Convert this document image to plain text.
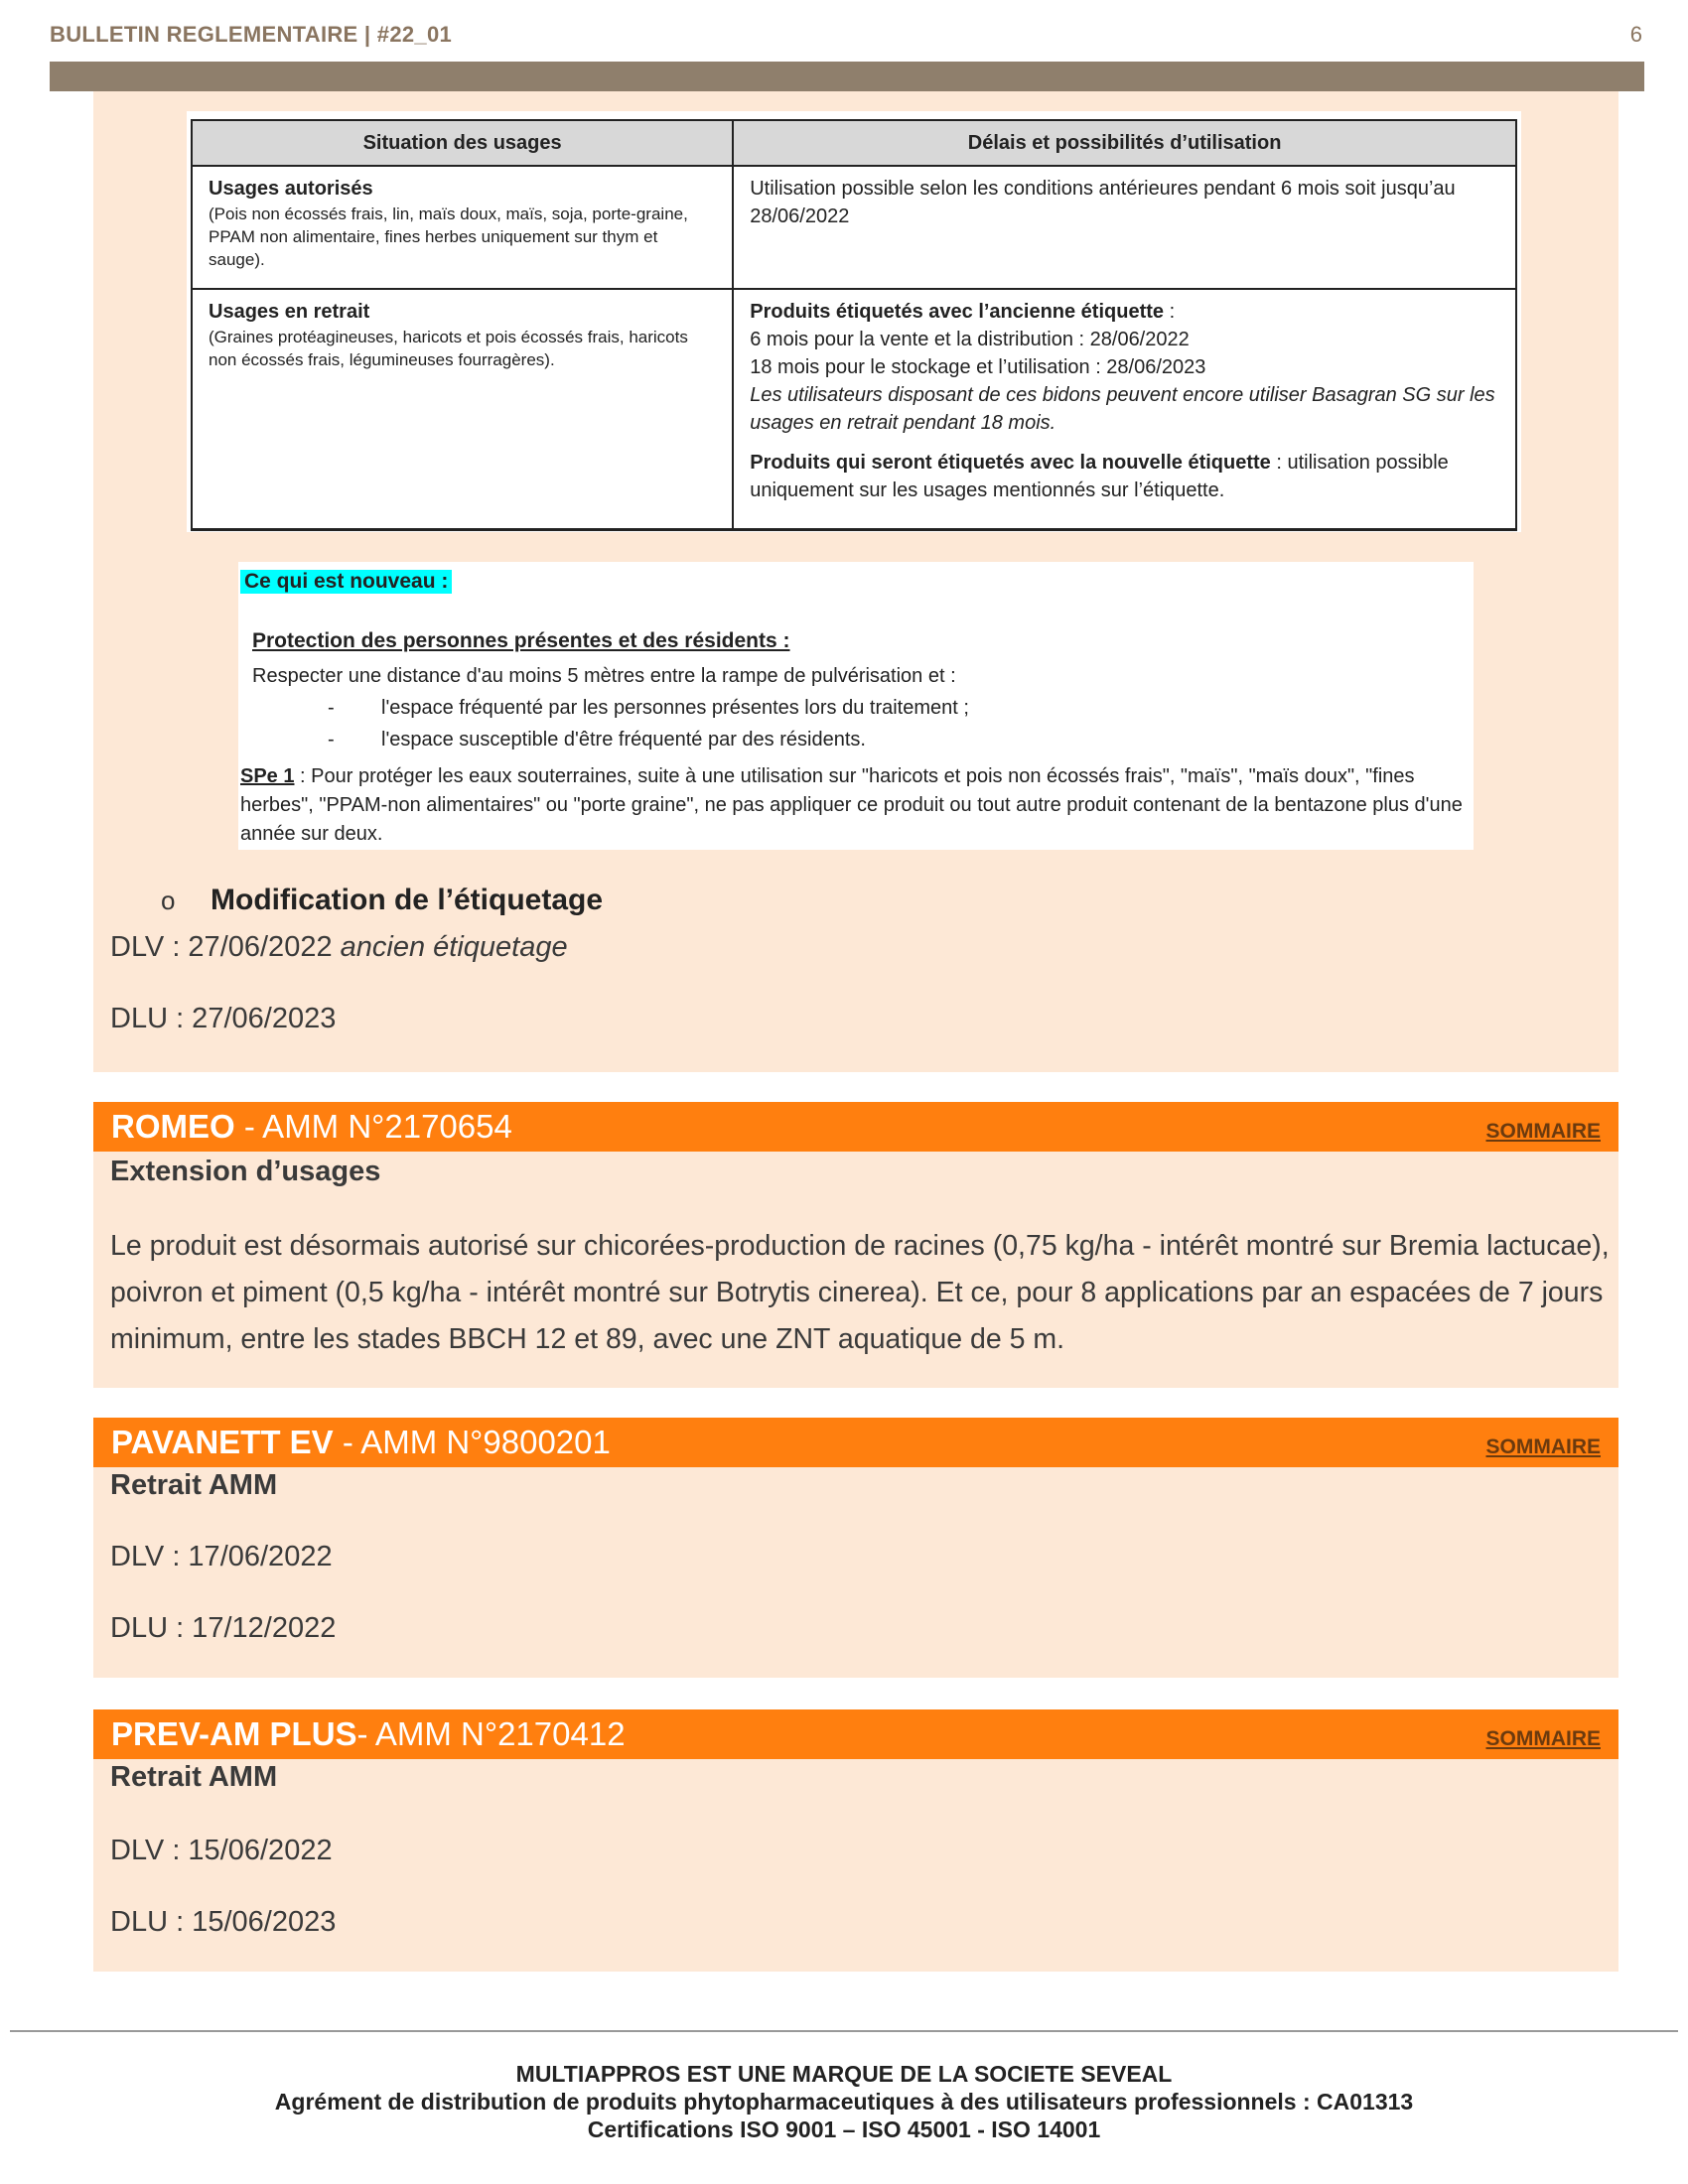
BULLETIN REGLEMENTAIRE | #22_01	6
Situation des usages	Délais et possibilités d’utilisation

Usages autorisés
(Pois non écossés frais, lin, maïs doux, maïs, soja, porte-graine, PPAM non alimentaire, fines herbes uniquement sur thym et sauge).	Utilisation possible selon les conditions antérieures pendant 6 mois soit jusqu’au 28/06/2022

Usages en retrait
(Graines protéagineuses, haricots et pois écossés frais, haricots non écossés frais, légumineuses fourragères).	Produits étiquetés avec l’ancienne étiquette :
6 mois pour la vente et la distribution : 28/06/2022
18 mois pour le stockage et l’utilisation : 28/06/2023
Les utilisateurs disposant de ces bidons peuvent encore utiliser Basagran SG sur les usages en retrait pendant 18 mois.
Produits qui seront étiquetés avec la nouvelle étiquette : utilisation possible uniquement sur les usages mentionnés sur l’étiquette.
Ce qui est nouveau :
Protection des personnes présentes et des résidents :
Respecter une distance d'au moins 5 mètres entre la rampe de pulvérisation et :
- l'espace fréquenté par les personnes présentes lors du traitement ;
- l'espace susceptible d'être fréquenté par des résidents.
SPe 1 : Pour protéger les eaux souterraines, suite à une utilisation sur "haricots et pois non écossés frais", "maïs", "maïs doux", "fines herbes", "PPAM-non alimentaires" ou "porte graine", ne pas appliquer ce produit ou tout autre produit contenant de la bentazone plus d'une année sur deux.
o Modification de l’étiquetage
DLV : 27/06/2022 ancien étiquetage
DLU : 27/06/2023
ROMEO - AMM N°2170654	SOMMAIRE
Extension d’usages
Le produit est désormais autorisé sur chicorées-production de racines (0,75 kg/ha - intérêt montré sur Bremia lactucae), poivron et piment (0,5 kg/ha - intérêt montré sur Botrytis cinerea). Et ce, pour 8 applications par an espacées de 7 jours minimum, entre les stades BBCH 12 et 89, avec une ZNT aquatique de 5 m.
PAVANETT EV - AMM N°9800201	SOMMAIRE
Retrait AMM
DLV : 17/06/2022
DLU : 17/12/2022
PREV-AM PLUS- AMM N°2170412	SOMMAIRE
Retrait AMM
DLV : 15/06/2022
DLU : 15/06/2023
MULTIAPPROS EST UNE MARQUE DE LA SOCIETE SEVEAL
Agrément de distribution de produits phytopharmaceutiques à des utilisateurs professionnels : CA01313
Certifications ISO 9001 – ISO 45001 - ISO 14001
